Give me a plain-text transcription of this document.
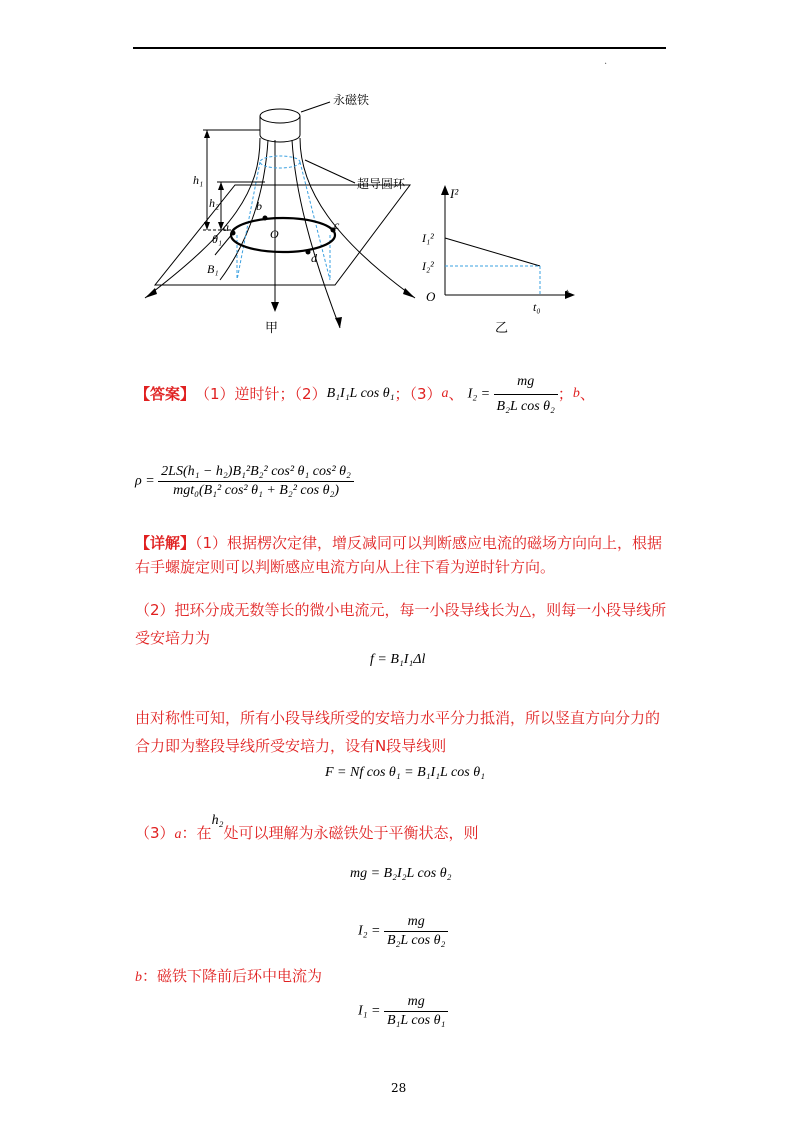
.
永磁铁
超导圆环
h₁
h₂
θ₁
a
b
c
d
O
B₁
甲
I²
t
O
I₁²
I₂²
t₀
乙
【答案】 （1）逆时针；（2） B₁I₁L cos θ₁ ；（3） a 、 $I_2 = \frac{mg}{\text{B₂L cos θ₂}}$ ； b 、
$\rho = \frac{\text{2LS(h₁ − h₂)B₁²B₂² cos² θ₁ cos² θ₂}}{\text{mgt₀(B₁² cos² θ₁ + B₂² cos θ₂)}}$
【详解】（1）根据楞次定律，增反减同可以判断感应电流的磁场方向向上，根据右手螺旋定则可以判断感应电流方向从上往下看为逆时针方向。
（2）把环分成无数等长的微小电流元，每一小段导线长为△，则每一小段导线所受安培力为
f = B₁I₁Δl
由对称性可知，所有小段导线所受的安培力水平分力抵消，所以竖直方向分力的合力即为整段导线所受安培力，设有N段导线则
F = Nf cos θ₁ = B₁I₁L cos θ₁
（3）a：在h₂处可以理解为永磁铁处于平衡状态，则
mg = B₂I₂L cos θ₂
$I_2 = \frac{mg}{\text{B₂L cos θ₂}}$
b：磁铁下降前后环中电流为
$I_1 = \frac{mg}{\text{B₁L cos θ₁}}$
28
